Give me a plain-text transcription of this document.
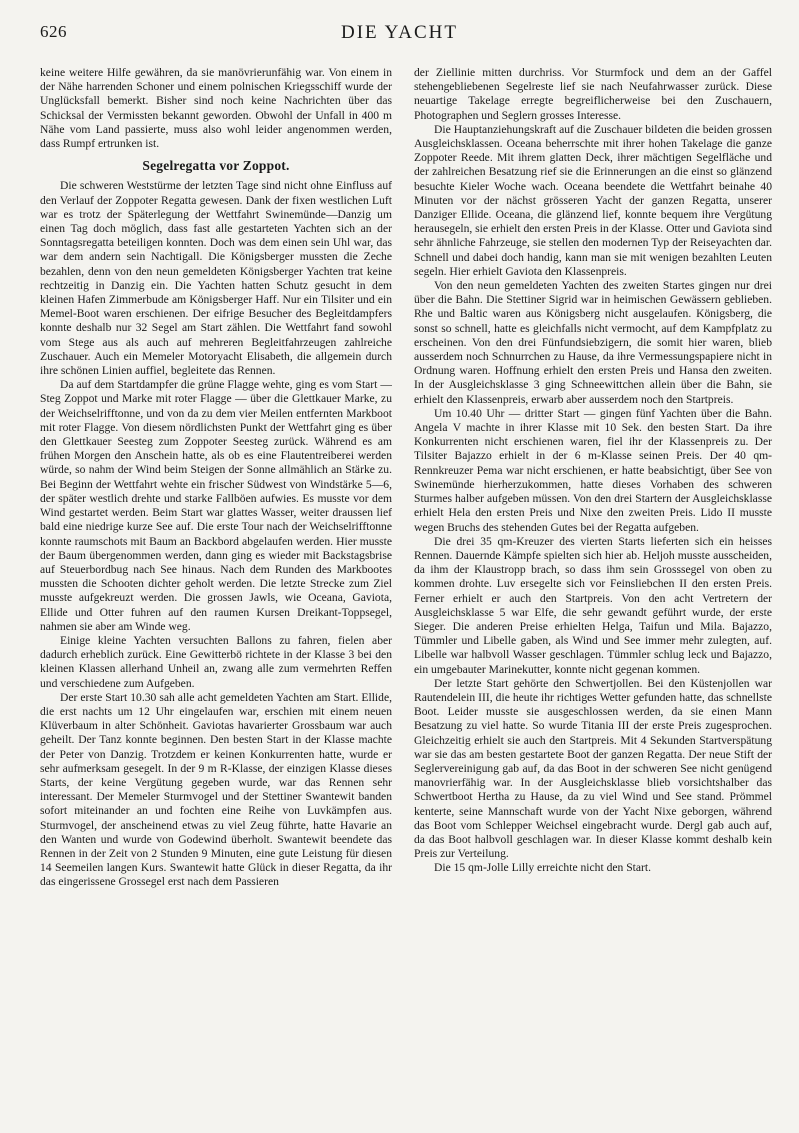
626	DIE YACHT

keine weitere Hilfe gewähren, da sie manövrierunfähig war. Von einem in der Nähe harrenden Schoner und einem polnischen Kriegsschiff wurde der Unglücksfall bemerkt. Bisher sind noch keine Nachrichten über das Schicksal der Vermissten bekannt geworden. Obwohl der Unfall in 400 m Nähe vom Land passierte, muss also wohl leider angenommen werden, dass Rumpf ertrunken ist.

Segelregatta vor Zoppot.

Die schweren Weststürme der letzten Tage sind nicht ohne Einfluss auf den Verlauf der Zoppoter Regatta gewesen. Dank der fixen westlichen Luft war es trotz der Späterlegung der Wettfahrt Swinemünde—Danzig um einen Tag doch möglich, dass fast alle gestarteten Yachten sich an der Sonntagsregatta beteiligen konnten. Doch was dem einen sein Uhl war, das war dem andern sein Nachtigall. Die Königsberger mussten die Zeche bezahlen, denn von den neun gemeldeten Königsberger Yachten trat keine rechtzeitig in Danzig ein. Die Yachten hatten Schutz gesucht in dem kleinen Hafen Zimmerbude am Königsberger Haff. Nur ein Tilsiter und ein Memel-Boot waren erschienen. Der eifrige Besucher des Begleitdampfers konnte deshalb nur 32 Segel am Start zählen. Die Wettfahrt fand sowohl vom Stege aus als auch auf mehreren Begleitfahrzeugen zahlreiche Zuschauer. Auch ein Memeler Motoryacht Elisabeth, die allgemein durch ihre schönen Linien auffiel, begleitete das Rennen.

Da auf dem Startdampfer die grüne Flagge wehte, ging es vom Start — Steg Zoppot und Marke mit roter Flagge — über die Glettkauer Marke, zu der Weichselrifftonne, und von da zu dem vier Meilen entfernten Markboot mit roter Flagge. Von diesem nördlichsten Punkt der Wettfahrt ging es über den Glettkauer Seesteg zum Zoppoter Seesteg zurück. Während es am frühen Morgen den Anschein hatte, als ob es eine Flautentreiberei werden würde, so nahm der Wind beim Steigen der Sonne allmählich an Stärke zu. Bei Beginn der Wettfahrt wehte ein frischer Südwest von Windstärke 5—6, der später westlich drehte und starke Fallböen aufwies. Es musste vor dem Wind gestartet werden. Beim Start war glattes Wasser, weiter draussen lief bald eine niedrige kurze See auf. Die erste Tour nach der Weichselrifftonne konnte raumschots mit Baum an Backbord abgelaufen werden. Hier musste der Baum übergenommen werden, dann ging es wieder mit Backstagsbrise auf Steuerbordbug nach See hinaus. Nach dem Runden des Markbootes mussten die Schooten dichter geholt werden. Die letzte Strecke zum Ziel musste aufgekreuzt werden. Die grossen Jawls, wie Oceana, Gaviota, Ellide und Otter fuhren auf den raumen Kursen Dreikant-Toppsegel, nahmen sie aber am Winde weg.

Einige kleine Yachten versuchten Ballons zu fahren, fielen aber dadurch erheblich zurück. Eine Gewitterbö richtete in der Klasse 3 bei den kleinen Klassen allerhand Unheil an, zwang alle zum vermehrten Reffen und verschiedene zum Aufgeben.

Der erste Start 10.30 sah alle acht gemeldeten Yachten am Start. Ellide, die erst nachts um 12 Uhr eingelaufen war, erschien mit einem neuen Klüverbaum in alter Schönheit. Gaviotas havarierter Grossbaum war auch geheilt. Der Tanz konnte beginnen. Den besten Start in der Klasse machte der Peter von Danzig. Trotzdem er keinen Konkurrenten hatte, wurde er sehr aufmerksam gesegelt. In der 9 m R-Klasse, der einzigen Klasse dieses Starts, der keine Vergütung gegeben wurde, war das Rennen sehr interessant. Der Memeler Sturmvogel und der Stettiner Swantewit banden sofort miteinander an und fochten eine Reihe von Luvkämpfen aus. Sturmvogel, der anscheinend etwas zu viel Zeug führte, hatte Havarie an den Wanten und wurde von Godewind überholt. Swantewit beendete das Rennen in der Zeit von 2 Stunden 9 Minuten, eine gute Leistung für diesen 14 Seemeilen langen Kurs. Swantewit hatte Glück in dieser Regatta, da ihr das eingerissene Grossegel erst nach dem Passieren

der Ziellinie mitten durchriss. Vor Sturmfock und dem an der Gaffel stehengebliebenen Segelreste lief sie nach Neufahrwasser zurück. Diese neuartige Takelage erregte begreiflicherweise bei den Zuschauern, Photographen und Seglern grosses Interesse.

Die Hauptanziehungskraft auf die Zuschauer bildeten die beiden grossen Ausgleichsklassen. Oceana beherrschte mit ihrer hohen Takelage die ganze Zoppoter Reede. Mit ihrem glatten Deck, ihrer mächtigen Segelfläche und der zahlreichen Besatzung rief sie die Erinnerungen an die einst so glänzend besuchte Kieler Woche wach. Oceana beendete die Wettfahrt beinahe 40 Minuten vor der nächst grösseren Yacht der ganzen Regatta, unserer Danziger Ellide. Oceana, die glänzend lief, konnte bequem ihre Vergütung herausegeln, sie erhielt den ersten Preis in der Klasse. Otter und Gaviota sind sehr ähnliche Fahrzeuge, sie stellen den modernen Typ der Reiseyachten dar. Schnell und dabei doch handig, kann man sie mit wenigen bezahlten Leuten segeln. Hier erhielt Gaviota den Klassenpreis.

Von den neun gemeldeten Yachten des zweiten Startes gingen nur drei über die Bahn. Die Stettiner Sigrid war in heimischen Gewässern geblieben. Rhe und Baltic waren aus Königsberg nicht ausgelaufen. Königsberg, die sonst so schnell, hatte es gleichfalls nicht vermocht, auf dem Kampfplatz zu erscheinen. Von den drei Fünfundsiebzigern, die somit hier waren, blieb ausserdem noch Schnurrchen zu Hause, da ihre Vermessungspapiere nicht in Ordnung waren. Hoffnung erhielt den ersten Preis und Hansa den zweiten. In der Ausgleichsklasse 3 ging Schneewittchen allein über die Bahn, sie erhielt den Klassenpreis, erwarb aber ausserdem noch den Startpreis.

Um 10.40 Uhr — dritter Start — gingen fünf Yachten über die Bahn. Angela V machte in ihrer Klasse mit 10 Sek. den besten Start. Da ihre Konkurrenten nicht erschienen waren, fiel ihr der Klassenpreis zu. Der Tilsiter Bajazzo erhielt in der 6 m-Klasse seinen Preis. Der 40 qm-Rennkreuzer Pema war nicht erschienen, er hatte beabsichtigt, über See von Swinemünde hierherzukommen, hatte dieses Vorhaben des schweren Sturmes halber aufgeben müssen. Von den drei Startern der Ausgleichsklasse erhielt Hela den ersten Preis und Nixe den zweiten Preis. Lido II musste wegen Bruchs des stehenden Gutes bei der Regatta aufgeben.

Die drei 35 qm-Kreuzer des vierten Starts lieferten sich ein heisses Rennen. Dauernde Kämpfe spielten sich hier ab. Heljoh musste ausscheiden, da ihm der Klaustropp brach, so dass ihm sein Grosssegel von oben zu kommen drohte. Luv ersegelte sich vor Feinsliebchen II den ersten Preis. Ferner erhielt er auch den Startpreis. Von den acht Vertretern der Ausgleichsklasse 5 war Elfe, die sehr gewandt geführt wurde, der erste Sieger. Die anderen Preise erhielten Helga, Taifun und Mila. Bajazzo, Tümmler und Libelle gaben, als Wind und See immer mehr zulegten, auf. Libelle war halbvoll Wasser geschlagen. Tümmler schlug leck und Bajazzo, ein umgebauter Marinekutter, konnte nicht gegenan kommen.

Der letzte Start gehörte den Schwertjollen. Bei den Küstenjollen war Rautendelein III, die heute ihr richtiges Wetter gefunden hatte, das schnellste Boot. Leider musste sie ausgeschlossen werden, da sie einen Mann Besatzung zu viel hatte. So wurde Titania III der erste Preis zugesprochen. Gleichzeitig erhielt sie auch den Startpreis. Mit 4 Sekunden Startverspätung war sie das am besten gestartete Boot der ganzen Regatta. Der neue Stift der Seglervereinigung gab auf, da das Boot in der schweren See nicht genügend manovrierfähig war. In der Ausgleichsklasse blieb vorsichtshalber das Schwertboot Hertha zu Hause, da zu viel Wind und See stand. Prömmel kenterte, seine Mannschaft wurde von der Yacht Nixe geborgen, während das Boot vom Schlepper Weichsel eingebracht wurde. Dergl gab auch auf, da das Boot halbvoll geschlagen war. In dieser Klasse kommt deshalb kein Preis zur Verteilung.

Die 15 qm-Jolle Lilly erreichte nicht den Start.
